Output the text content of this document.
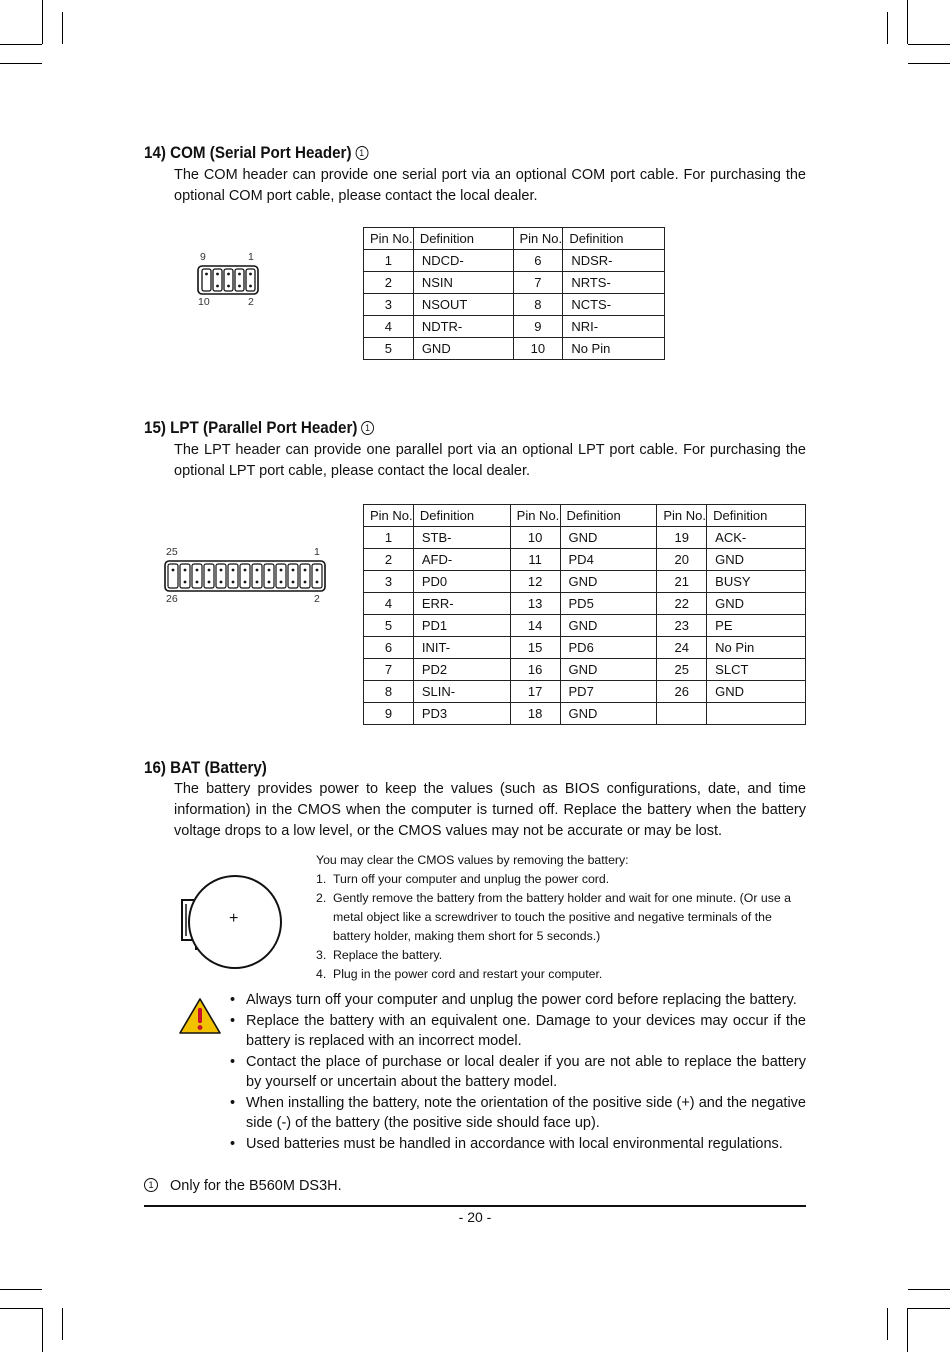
14) COM (Serial Port Header) 1
The COM header can provide one serial port via an optional COM port cable. For purchasing the optional COM port cable, please contact the local dealer.
9	1
10	2
Pin No.	Definition	Pin No.	Definition
1	NDCD-	6	NDSR-
2	NSIN	7	NRTS-
3	NSOUT	8	NCTS-
4	NDTR-	9	NRI-
5	GND	10	No Pin
15) LPT (Parallel Port Header) 1
The LPT header can provide one parallel port via an optional LPT port cable. For purchasing the optional LPT port cable, please contact the local dealer.
25	1
26	2
Pin No.	Definition	Pin No.	Definition	Pin No.	Definition
1	STB-	10	GND	19	ACK-
2	AFD-	11	PD4	20	GND
3	PD0	12	GND	21	BUSY
4	ERR-	13	PD5	22	GND
5	PD1	14	GND	23	PE
6	INIT-	15	PD6	24	No Pin
7	PD2	16	GND	25	SLCT
8	SLIN-	17	PD7	26	GND
9	PD3	18	GND		
16) BAT (Battery)
The battery provides power to keep the values (such as BIOS configurations, date, and time information) in the CMOS when the computer is turned off. Replace the battery when the battery voltage drops to a low level, or the CMOS values may not be accurate or may be lost.
+
You may clear the CMOS values by removing the battery:
1. Turn off your computer and unplug the power cord.
2. Gently remove the battery from the battery holder and wait for one minute. (Or use a metal object like a screwdriver to touch the positive and negative terminals of the battery holder, making them short for 5 seconds.)
3. Replace the battery.
4. Plug in the power cord and restart your computer.
• Always turn off your computer and unplug the power cord before replacing the battery.
• Replace the battery with an equivalent one. Damage to your devices may occur if the battery is replaced with an incorrect model.
• Contact the place of purchase or local dealer if you are not able to replace the battery by yourself or uncertain about the battery model.
• When installing the battery, note the orientation of the positive side (+) and the negative side (-) of the battery (the positive side should face up).
• Used batteries must be handled in accordance with local environmental regulations.
1 Only for the B560M DS3H.
- 20 -
